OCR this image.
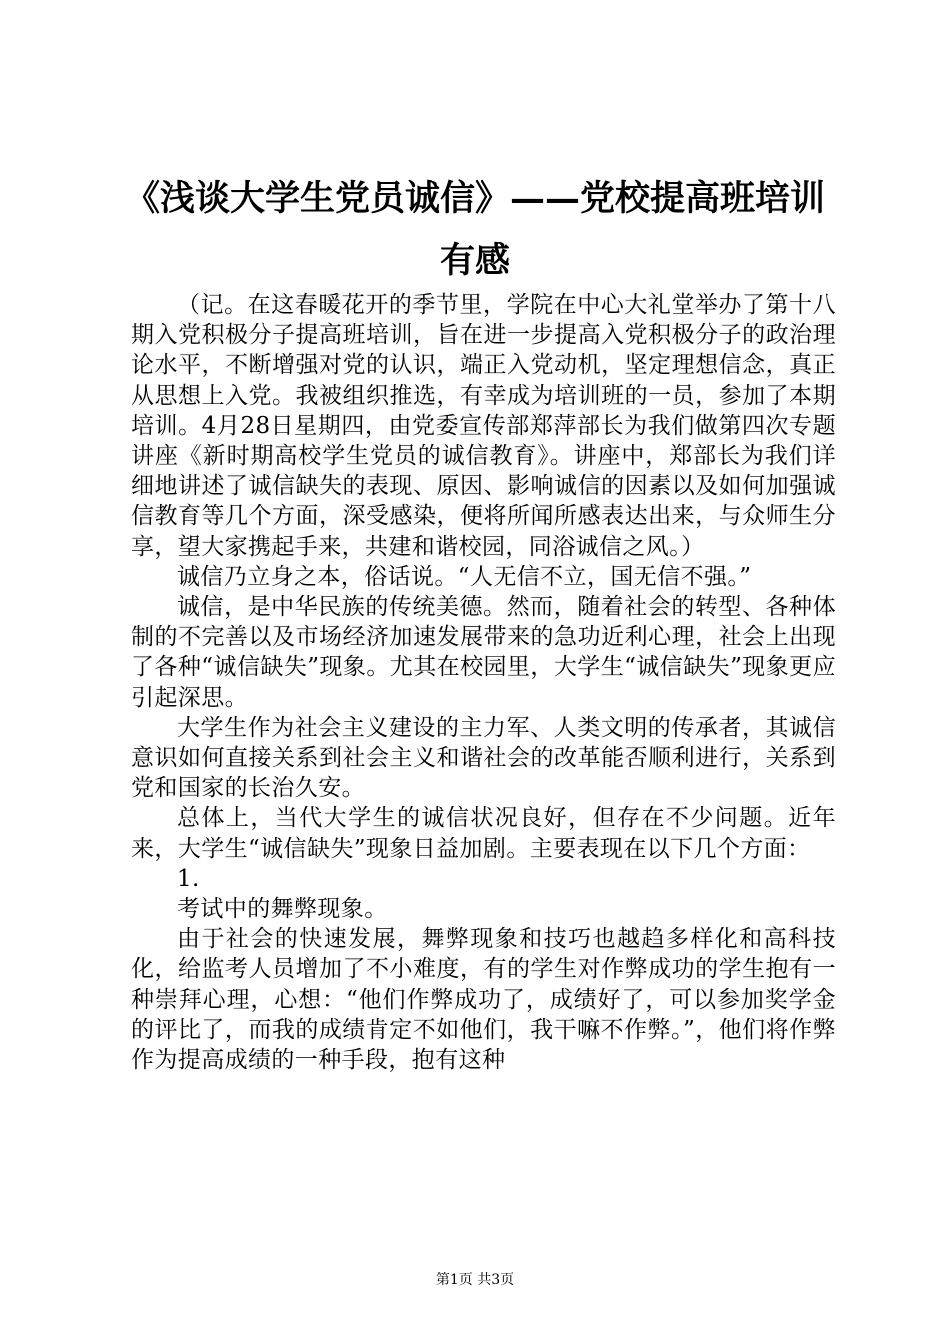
《浅谈大学生党员诚信》——党校提高班培训有感

（记。在这春暖花开的季节里，学院在中心大礼堂举办了第十八期入党积极分子提高班培训，旨在进一步提高入党积极分子的政治理论水平，不断增强对党的认识，端正入党动机，坚定理想信念，真正从思想上入党。我被组织推选，有幸成为培训班的一员，参加了本期培训。4月28日星期四，由党委宣传部郑萍部长为我们做第四次专题讲座《新时期高校学生党员的诚信教育》。讲座中，郑部长为我们详细地讲述了诚信缺失的表现、原因、影响诚信的因素以及如何加强诚信教育等几个方面，深受感染，便将所闻所感表达出来，与众师生分享，望大家携起手来，共建和谐校园，同浴诚信之风。）

诚信乃立身之本，俗话说。“人无信不立，国无信不强。”

诚信，是中华民族的传统美德。然而，随着社会的转型、各种体制的不完善以及市场经济加速发展带来的急功近利心理，社会上出现了各种“诚信缺失”现象。尤其在校园里，大学生“诚信缺失”现象更应引起深思。

大学生作为社会主义建设的主力军、人类文明的传承者，其诚信意识如何直接关系到社会主义和谐社会的改革能否顺利进行，关系到党和国家的长治久安。

总体上，当代大学生的诚信状况良好，但存在不少问题。近年来，大学生“诚信缺失”现象日益加剧。主要表现在以下几个方面：

1.

考试中的舞弊现象。

由于社会的快速发展，舞弊现象和技巧也越趋多样化和高科技化，给监考人员增加了不小难度，有的学生对作弊成功的学生抱有一种崇拜心理，心想：“他们作弊成功了，成绩好了，可以参加奖学金的评比了，而我的成绩肯定不如他们，我干嘛不作弊。”，他们将作弊作为提高成绩的一种手段，抱有这种

第1页 共3页
